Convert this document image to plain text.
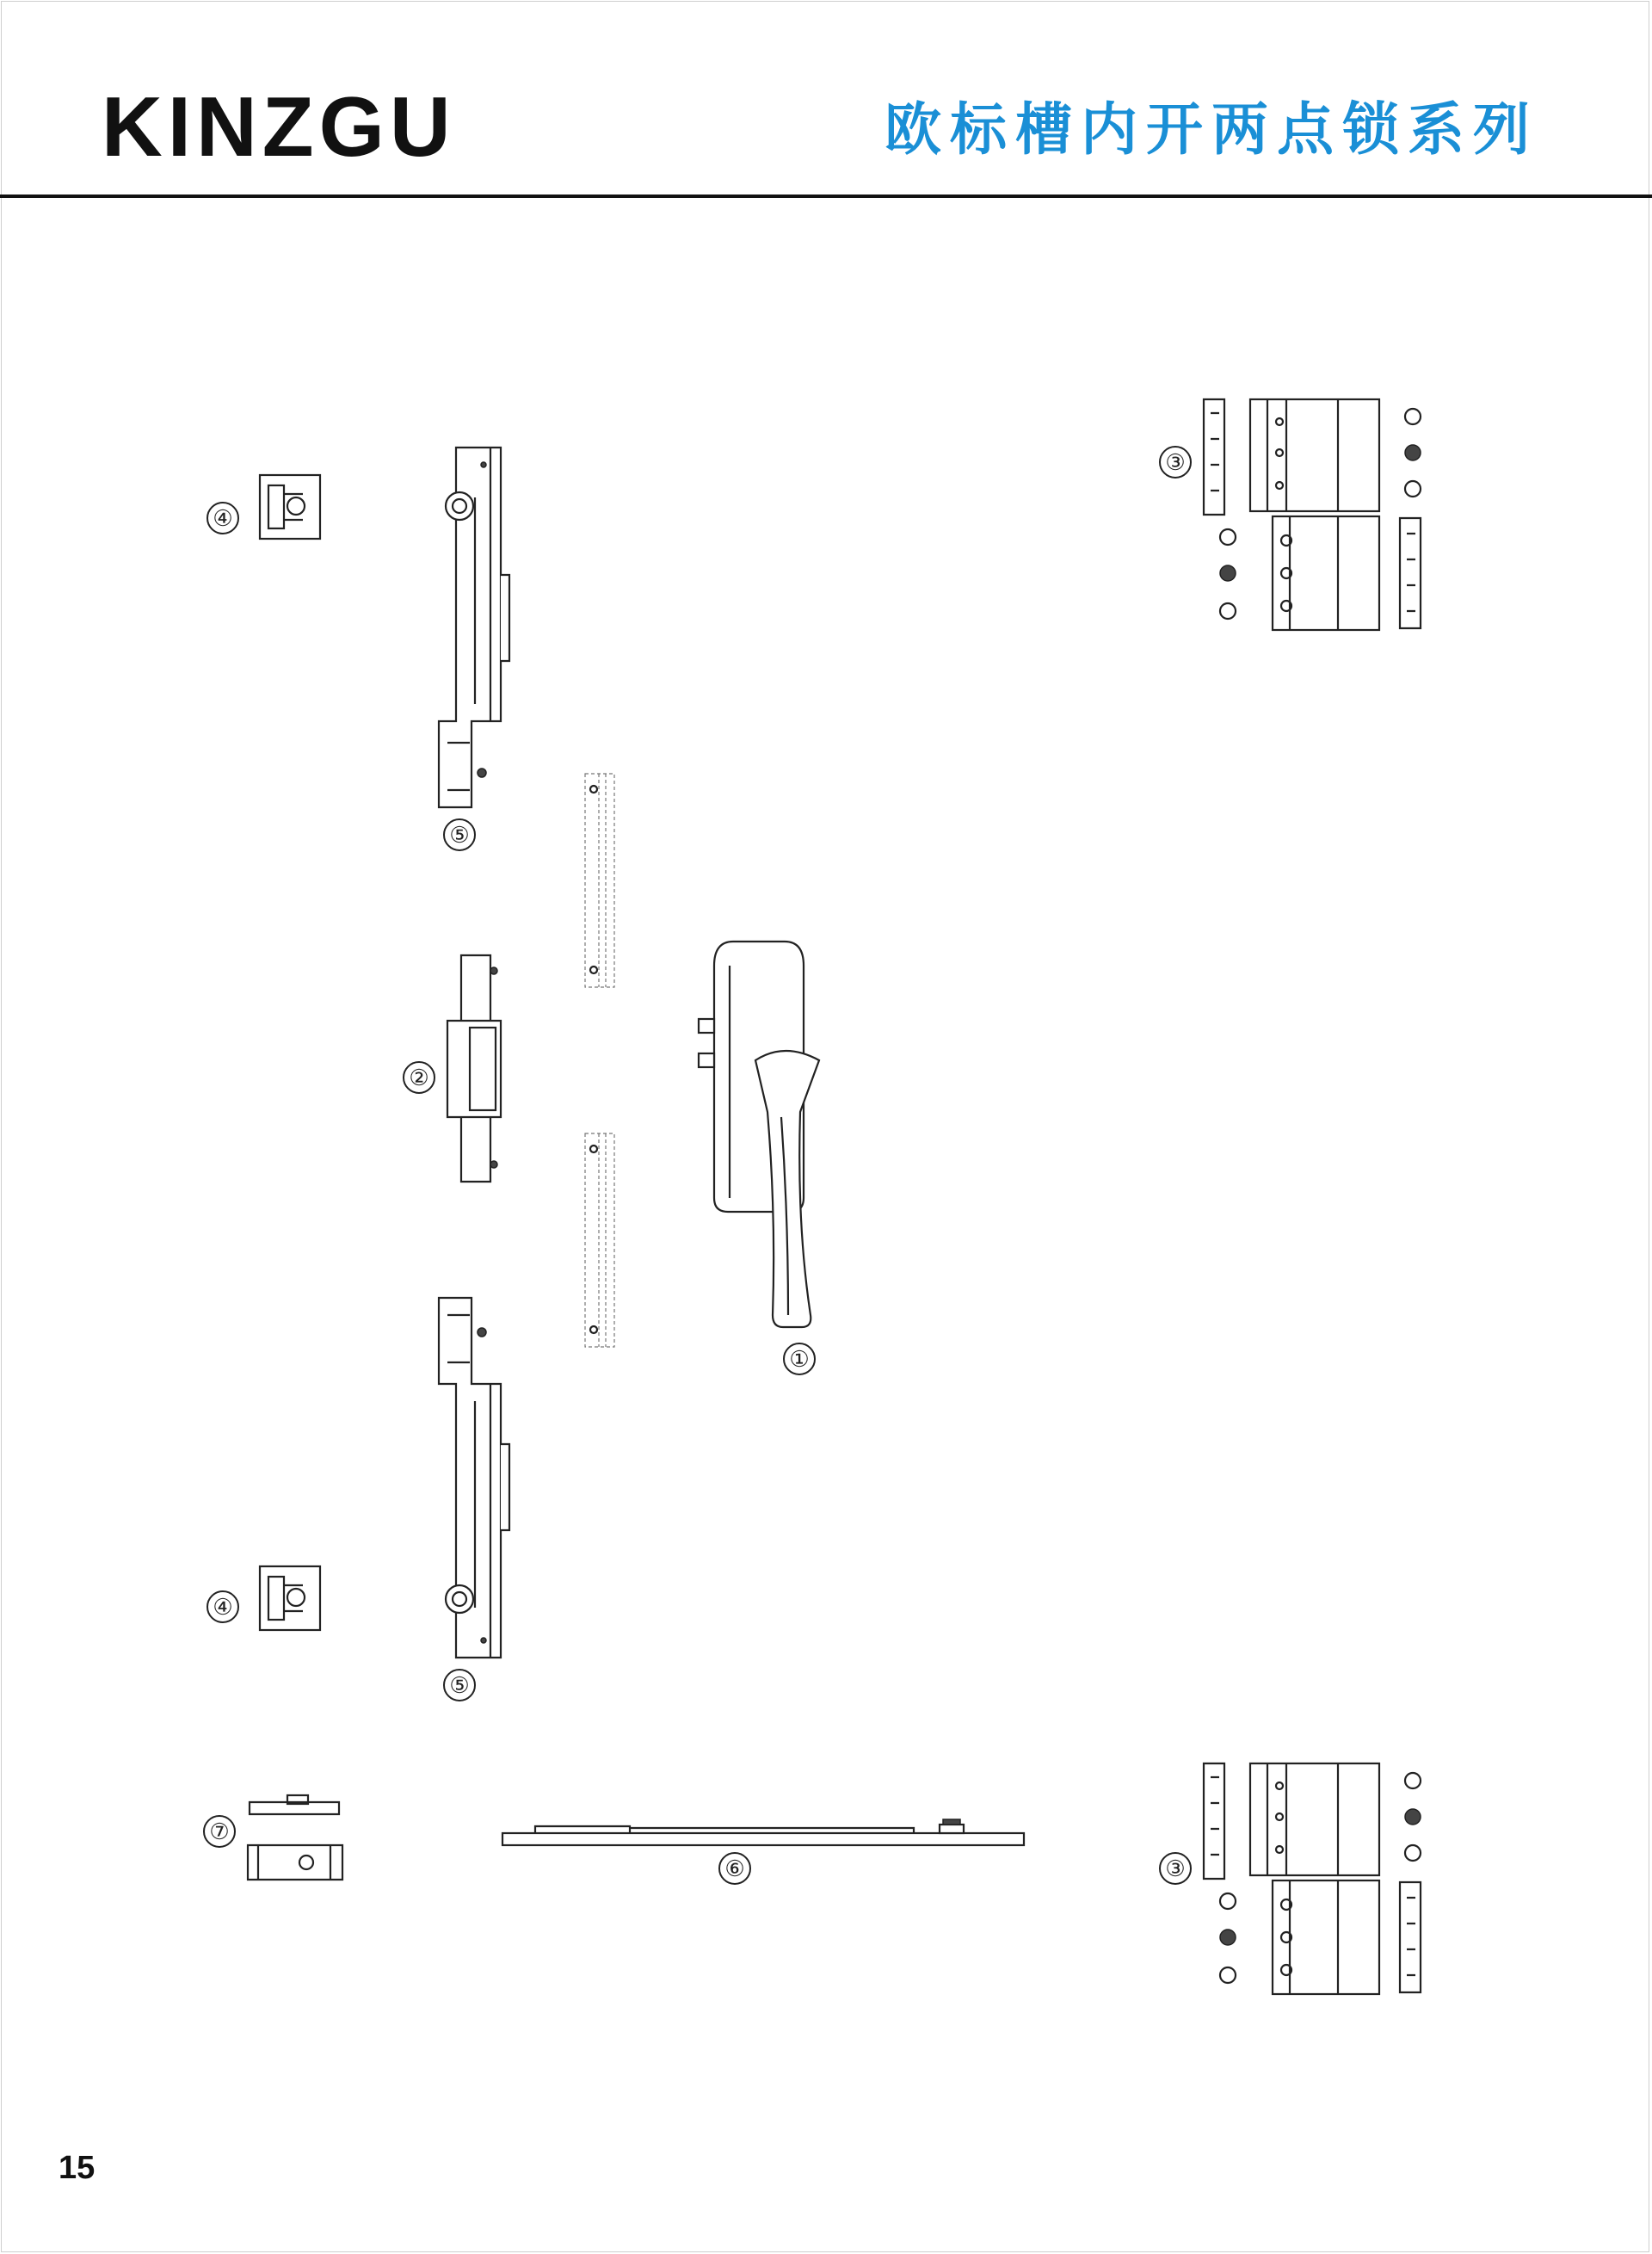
KINZGU	欧标槽内开两点锁系列
④
⑤
②
①
⑤
④
③
⑦
⑥	③
15
